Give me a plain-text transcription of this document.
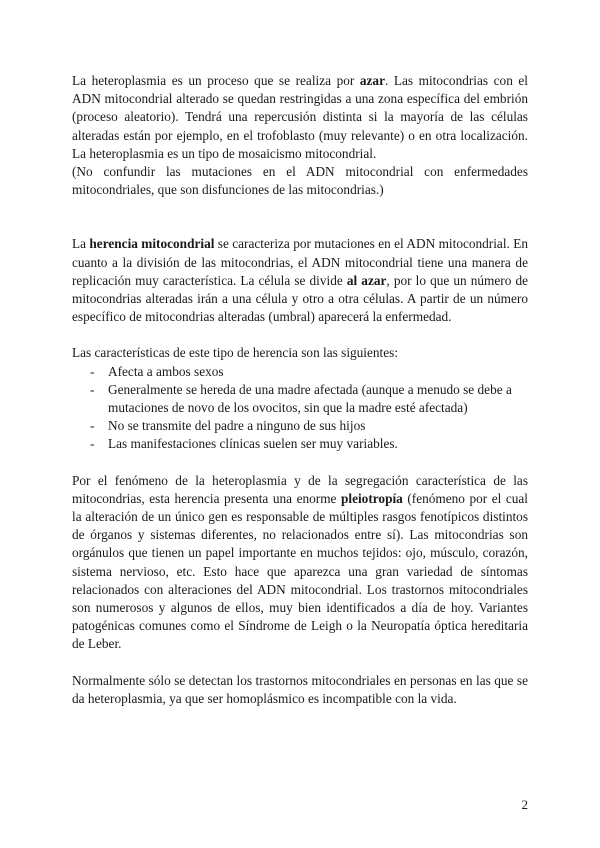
La heteroplasmia es un proceso que se realiza por azar. Las mitocondrias con el ADN mitocondrial alterado se quedan restringidas a una zona específica del embrión (proceso aleatorio). Tendrá una repercusión distinta si la mayoría de las células alteradas están por ejemplo, en el trofoblasto (muy relevante) o en otra localización. La heteroplasmia es un tipo de mosaicismo mitocondrial.

(No confundir las mutaciones en el ADN mitocondrial con enfermedades mitocondriales, que son disfunciones de las mitocondrias.)

La herencia mitocondrial se caracteriza por mutaciones en el ADN mitocondrial. En cuanto a la división de las mitocondrias, el ADN mitocondrial tiene una manera de replicación muy característica. La célula se divide al azar, por lo que un número de mitocondrias alteradas irán a una célula y otro a otra células. A partir de un número específico de mitocondrias alteradas (umbral) aparecerá la enfermedad.

Las características de este tipo de herencia son las siguientes:

- Afecta a ambos sexos
- Generalmente se hereda de una madre afectada (aunque a menudo se debe a mutaciones de novo de los ovocitos, sin que la madre esté afectada)
- No se transmite del padre a ninguno de sus hijos
- Las manifestaciones clínicas suelen ser muy variables.

Por el fenómeno de la heteroplasmia y de la segregación característica de las mitocondrias, esta herencia presenta una enorme pleiotropía (fenómeno por el cual la alteración de un único gen es responsable de múltiples rasgos fenotípicos distintos de órganos y sistemas diferentes, no relacionados entre sí). Las mitocondrias son orgánulos que tienen un papel importante en muchos tejidos: ojo, músculo, corazón, sistema nervioso, etc. Esto hace que aparezca una gran variedad de síntomas relacionados con alteraciones del ADN mitocondrial. Los trastornos mitocondriales son numerosos y algunos de ellos, muy bien identificados a día de hoy. Variantes patogénicas comunes como el Síndrome de Leigh o la Neuropatía óptica hereditaria de Leber.

Normalmente sólo se detectan los trastornos mitocondriales en personas en las que se da heteroplasmia, ya que ser homoplásmico es incompatible con la vida.

2
